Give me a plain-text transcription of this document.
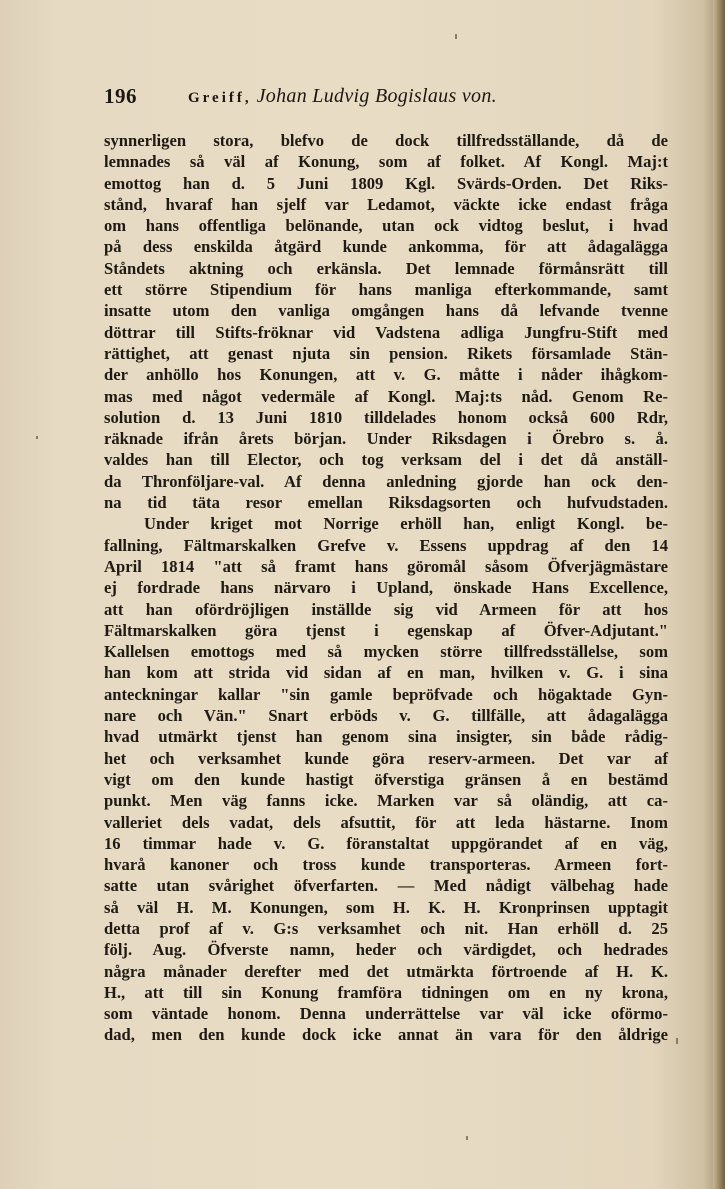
196	Greiff, Johan Ludvig Bogislaus von.
synnerligen stora, blefvo de dock tillfredsställande, då de
lemnades så väl af Konung, som af folket. Af Kongl. Maj:t
emottog han d. 5 Juni 1809 Kgl. Svärds-Orden. Det Riks-
stånd, hvaraf han sjelf var Ledamot, väckte icke endast fråga
om hans offentliga belönande, utan ock vidtog beslut, i hvad
på dess enskilda åtgärd kunde ankomma, för att ådagalägga
Ståndets aktning och erkänsla. Det lemnade förmånsrätt till
ett större Stipendium för hans manliga efterkommande, samt
insatte utom den vanliga omgången hans då lefvande tvenne
döttrar till Stifts-fröknar vid Vadstena adliga Jungfru-Stift med
rättighet, att genast njuta sin pension. Rikets församlade Stän-
der anhöllo hos Konungen, att v. G. måtte i nåder ihågkom-
mas med något vedermäle af Kongl. Maj:ts nåd. Genom Re-
solution d. 13 Juni 1810 tilldelades honom också 600 Rdr,
räknade ifrån årets början. Under Riksdagen i Örebro s. å.
valdes han till Elector, och tog verksam del i det då anställ-
da Thronföljare-val. Af denna anledning gjorde han ock den-
na tid täta resor emellan Riksdagsorten och hufvudstaden.
Under kriget mot Norrige erhöll han, enligt Kongl. be-
fallning, Fältmarskalken Grefve v. Essens uppdrag af den 14
April 1814 "att så framt hans göromål såsom Öfverjägmästare
ej fordrade hans närvaro i Upland, önskade Hans Excellence,
att han ofördröjligen inställde sig vid Armeen för att hos
Fältmarskalken göra tjenst i egenskap af Öfver-Adjutant."
Kallelsen emottogs med så mycken större tillfredsställelse, som
han kom att strida vid sidan af en man, hvilken v. G. i sina
anteckningar kallar "sin gamle bepröfvade och högaktade Gyn-
nare och Vän." Snart erböds v. G. tillfälle, att ådagalägga
hvad utmärkt tjenst han genom sina insigter, sin både rådig-
het och verksamhet kunde göra reserv-armeen. Det var af
vigt om den kunde hastigt öfverstiga gränsen å en bestämd
punkt. Men väg fanns icke. Marken var så oländig, att ca-
valleriet dels vadat, dels afsuttit, för att leda hästarne. Inom
16 timmar hade v. G. föranstaltat uppgörandet af en väg,
hvarå kanoner och tross kunde transporteras. Armeen fort-
satte utan svårighet öfverfarten. — Med nådigt välbehag hade
så väl H. M. Konungen, som H. K. H. Kronprinsen upptagit
detta prof af v. G:s verksamhet och nit. Han erhöll d. 25
följ. Aug. Öfverste namn, heder och värdigdet, och hedrades
några månader derefter med det utmärkta förtroende af H. K.
H., att till sin Konung framföra tidningen om en ny krona,
som väntade honom. Denna underrättelse var väl icke oförmo-
dad, men den kunde dock icke annat än vara för den åldrige
